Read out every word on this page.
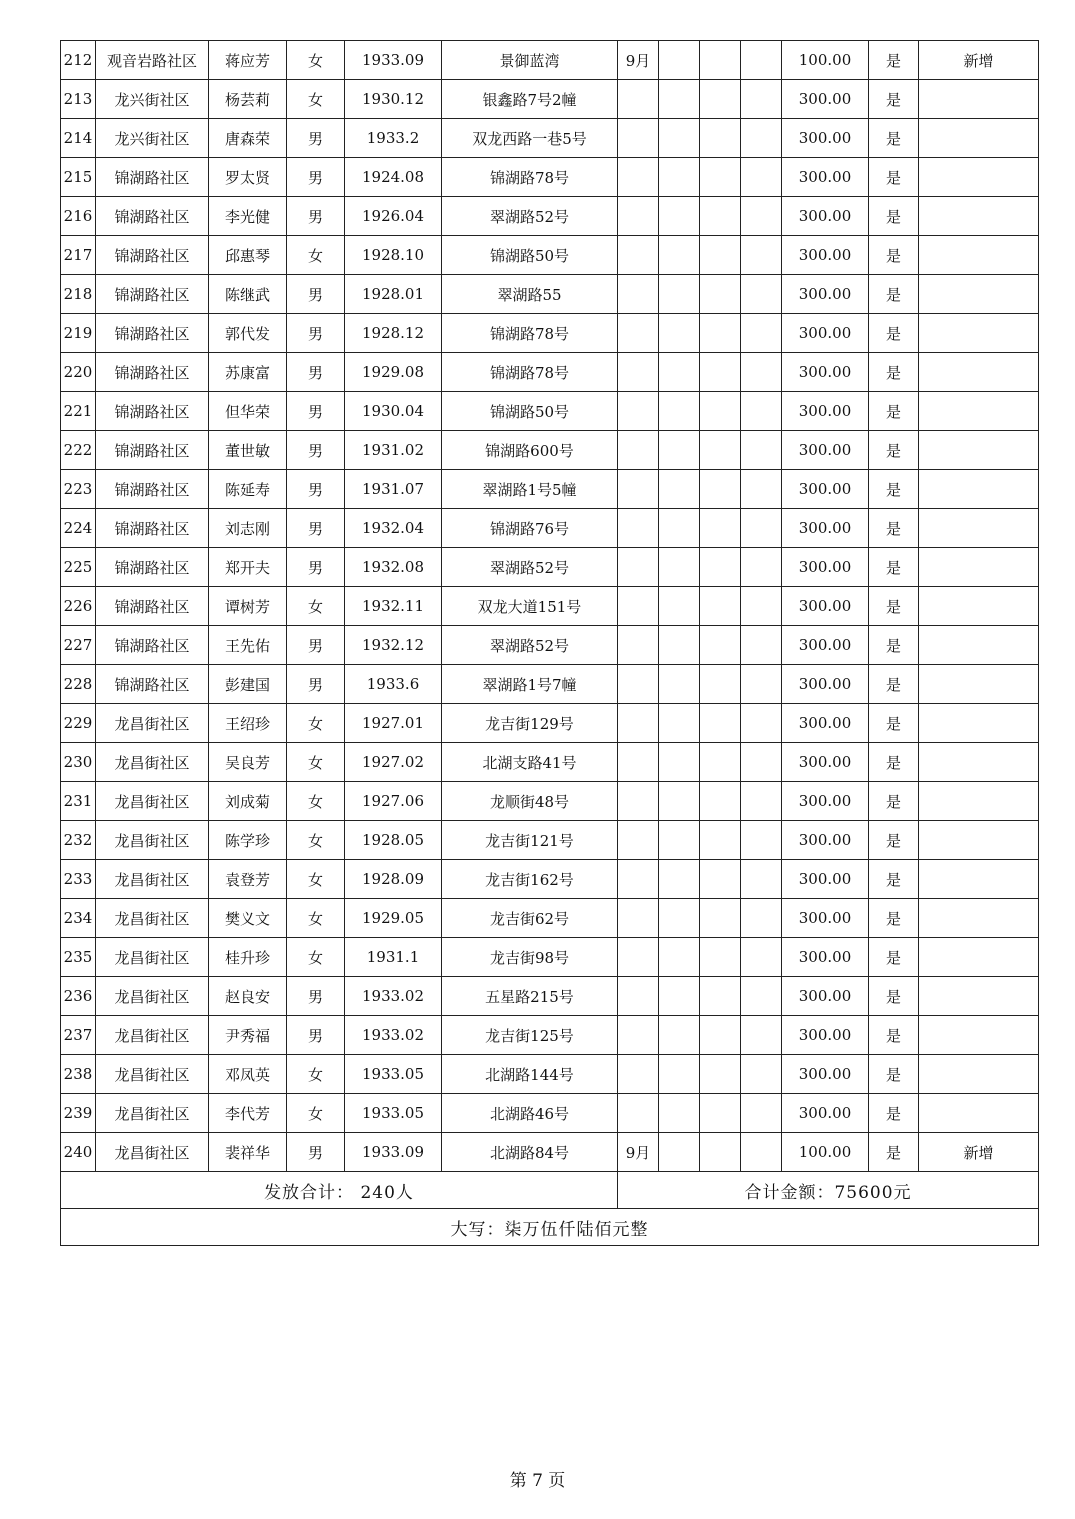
212	观音岩路社区	蒋应芳	女	1933.09	景御蓝湾	9月				100.00	是	新增
213	龙兴街社区	杨芸莉	女	1930.12	银鑫路7号2幢					300.00	是	
214	龙兴街社区	唐森荣	男	1933.2	双龙西路一巷5号					300.00	是	
215	锦湖路社区	罗太贤	男	1924.08	锦湖路78号					300.00	是	
216	锦湖路社区	李光健	男	1926.04	翠湖路52号					300.00	是	
217	锦湖路社区	邱惠琴	女	1928.10	锦湖路50号					300.00	是	
218	锦湖路社区	陈继武	男	1928.01	翠湖路55					300.00	是	
219	锦湖路社区	郭代发	男	1928.12	锦湖路78号					300.00	是	
220	锦湖路社区	苏康富	男	1929.08	锦湖路78号					300.00	是	
221	锦湖路社区	但华荣	男	1930.04	锦湖路50号					300.00	是	
222	锦湖路社区	董世敏	男	1931.02	锦湖路600号					300.00	是	
223	锦湖路社区	陈延寿	男	1931.07	翠湖路1号5幢					300.00	是	
224	锦湖路社区	刘志刚	男	1932.04	锦湖路76号					300.00	是	
225	锦湖路社区	郑开夫	男	1932.08	翠湖路52号					300.00	是	
226	锦湖路社区	谭树芳	女	1932.11	双龙大道151号					300.00	是	
227	锦湖路社区	王先佑	男	1932.12	翠湖路52号					300.00	是	
228	锦湖路社区	彭建国	男	1933.6	翠湖路1号7幢					300.00	是	
229	龙昌街社区	王绍珍	女	1927.01	龙吉街129号					300.00	是	
230	龙昌街社区	吴良芳	女	1927.02	北湖支路41号					300.00	是	
231	龙昌街社区	刘成菊	女	1927.06	龙顺街48号					300.00	是	
232	龙昌街社区	陈学珍	女	1928.05	龙吉街121号					300.00	是	
233	龙昌街社区	袁登芳	女	1928.09	龙吉街162号					300.00	是	
234	龙昌街社区	樊义文	女	1929.05	龙吉街62号					300.00	是	
235	龙昌街社区	桂升珍	女	1931.1	龙吉街98号					300.00	是	
236	龙昌街社区	赵良安	男	1933.02	五星路215号					300.00	是	
237	龙昌街社区	尹秀福	男	1933.02	龙吉街125号					300.00	是	
238	龙昌街社区	邓凤英	女	1933.05	北湖路144号					300.00	是	
239	龙昌街社区	李代芳	女	1933.05	北湖路46号					300.00	是	
240	龙昌街社区	裴祥华	男	1933.09	北湖路84号	9月				100.00	是	新增
发放合计： 240人						合计金额：75600元						
大写：柒万伍仟陆佰元整												
第 7 页
